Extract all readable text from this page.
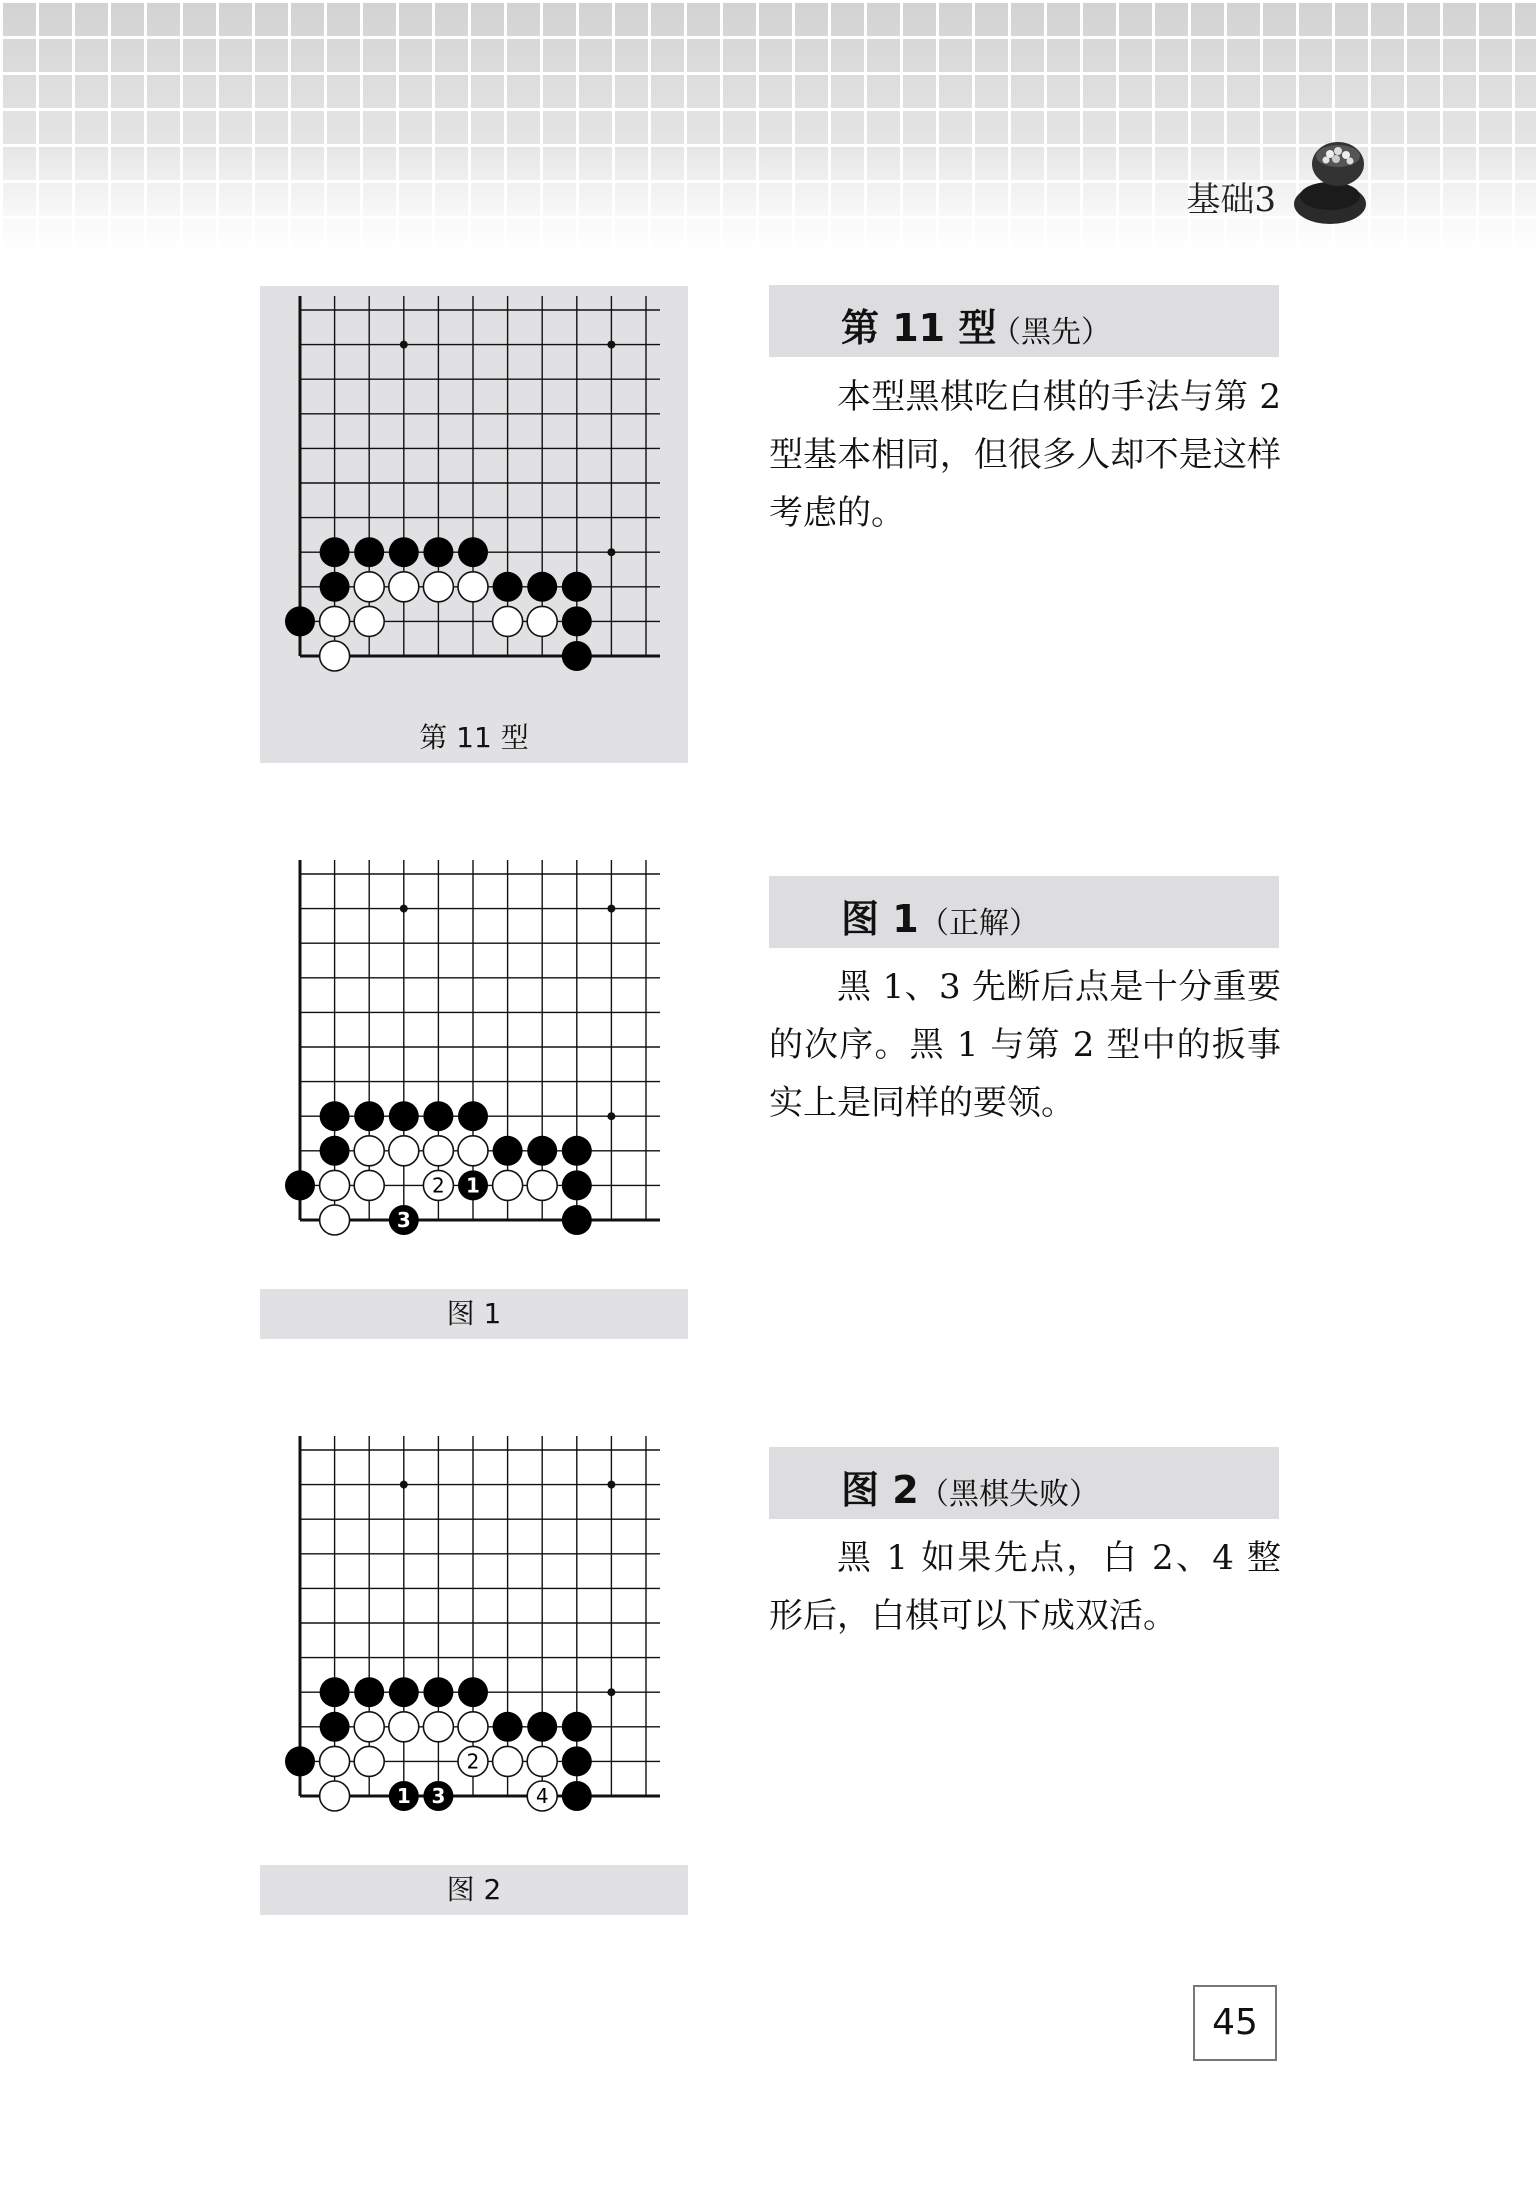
基础3
第 11 型
2 1
3
图 1
2
4
1 3
图 2
第 11 型
（黑先）

本型黑棋吃白棋的手法与第 2 型基本相同，但很多人却不是这样考虑的。

图 1 （正解）

黑 1、3 先断后点是十分重要的次序。黑 1 与第 2 型中的扳事实上是同样的要领。

图 2 （黑棋失败）

黑 1 如果先点，白 2、4 整形后，白棋可以下成双活。

45
